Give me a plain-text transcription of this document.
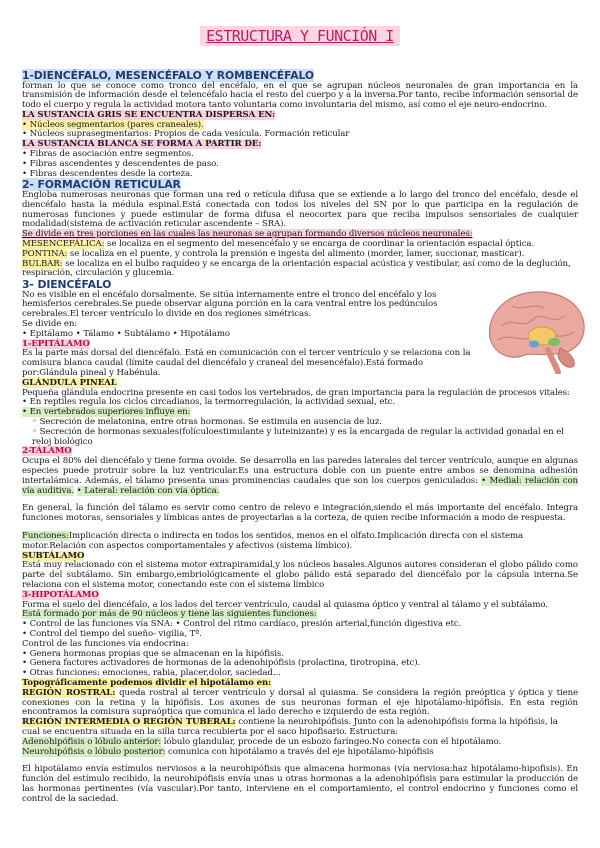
ESTRUCTURA Y FUNCIÓN I
1-DIENCÉFALO, MESENCÉFALO Y ROMBENCÉFALO

forman lo que se conoce como tronco del encéfalo, en el que se agrupan núcleos neuronales de gran importancia en la transmisión de información desde el telencéfalo hacia el resto del cuerpo y a la inversa.Por tanto, recibe información sensorial de todo el cuerpo y regula la actividad motora tanto voluntaria como involuntaria del mismo, así como el eje neuro-endocrino.

LA SUSTANCIA GRIS SE ENCUENTRA DISPERSA EN:
• Núcleos segmentarios (pares craneales).
• Núcleos suprasegmentarios: Propios de cada vesícula. Formación reticular
LA SUSTANCIA BLANCA SE FORMA A PARTIR DE:
• Fibras de asociación entre segmentos.
• Fibras ascendentes y descendentes de paso.
• Fibras descendentes desde la corteza.
2- FORMACIÓN RETICULAR

Engloba numerosas neuronas que forman una red o retícula difusa que se extiende a lo largo del tronco del encéfalo, desde el diencéfalo hasta la médula espinal.Está conectada con todos los niveles del SN por lo que participa en la regulación de numerosas funciones y puede estimular de forma difusa el neocortex para que reciba impulsos sensoriales de cualquier modalidad(sistema de activación reticular ascendente – SRA).

Se divide en tres porciones en las cuales las neuronas se agrupan formando diversos núcleos neuronales:
MESENCEFÁLICA: se localiza en el segmento del mesencéfalo y se encarga de coordinar la orientación espacial óptica.
PONTINA: se localiza en el puente, y controla la prensión e ingesta del alimento (morder, lamer, succionar, masticar).
BULBAR: se localiza en el bulbo raquídeo y se encarga de la orientación espacial acústica y vestibular, así como de la deglución, respiración, circulación y glucemia.
3- DIENCÉFALO

No es visible en el encéfalo dorsalmente. Se sitúa internamente entre el tronco del encéfalo y los hemisferios cerebrales.Se puede observar alguna porción en la cara ventral entre los pedúnculos cerebrales.El tercer ventrículo lo divide en dos regiones simétricas.

Se divide en:
• Epitálamo • Tálamo • Subtálamo • Hipotálamo
1-EPITÁLAMO

Es la parte más dorsal del diencéfalo. Está en comunicación con el tercer ventrículo y se relaciona con la comisura blanca caudal (límite caudal del diencéfalo y craneal del mesencéfalo).Está formado por:Glándula pineal y Habénula.

GLÁNDULA PINEAL

Pequeña glándula endocrina presente en casi todos los vertebrados, de gran importancia para la regulación de procesos vitales:

• En reptiles regula los ciclos circadianos, la termorregulación, la actividad sexual, etc.
• En vertebrados superiores influye en:
◦ Secreción de melatonina, entre otras hormonas. Se estimula en ausencia de luz.
◦ Secreción de hormonas sexuales(folículoestimulante y luteinizante) y es la encargada de regular la actividad gonadal en el reloj biológico
2-TÁLAMO

Ocupa el 80% del diencéfalo y tiene forma ovoide. Se desarrolla en las paredes laterales del tercer ventrículo, aunque en algunas especies puede protruir sobre la luz ventricular.Es una estructura doble con un puente entre ambos se denomina adhesión intertalámica. Además, el tálamo presenta unas prominencias caudales que son los cuerpos geniculados: • Medial: relación con vía auditiva. • Lateral: relación con vía óptica.

En general, la función del tálamo es servir como centro de relevo e integración,siendo el más importante del encéfalo. Integra funciones motoras, sensoriales y límbicas antes de proyectarlas a la corteza, de quien recibe información a modo de respuesta.

Funciones:Implicación directa o indirecta en todos los sentidos, menos en el olfato.Implicación directa con el sistema motor.Relación con aspectos comportamentales y afectivos (sistema límbico).

SUBTÁLAMO

Está muy relacionado con el sistema motor extrapiramidal,y los núcleos basales.Algunos autores consideran el globo pálido como parte del subtálamo. Sin embargo,embriológicamente el globo pálido está separado del diencéfalo por la cápsula interna.Se relaciona con el sistema motor, conectando este con el sistema límbico

3-HIPOTÁLAMO

Forma el suelo del diencéfalo, a los lados del tercer ventrículo, caudal al quiasma óptico y ventral al tálamo y el subtálamo.

Está formado por más de 90 núcleos y tiene las siguientes funciones:
• Control de las funciones vía SNA: • Control del ritmo cardíaco, presión arterial,función digestiva etc.
• Control del tiempo del sueño- vigilia, Tª.
Control de las funciones vía endocrina:
• Genera hormonas propias que se almacenan en la hipófisis.
• Genera factores activadores de hormonas de la adenohipófisis (prolactina, tirotropina, etc).
• Otras funciones: emociones, rabia, placer,dolor, saciedad...
Topográficamente podemos dividir el hipotálamo en:

REGIÓN ROSTRAL: queda rostral al tercer ventrículo y dorsal al quiasma. Se considera la región preóptica y óptica y tiene conexiones con la retina y la hipófisis. Los axones de sus neuronas forman el eje hipotálamo-hipófisis. En esta región encontramos la comisura supraóptica que comunica el lado derecho e izquierdo de esta región.

REGIÓN INTERMEDIA O REGIÓN TUBERAL: contiene la neurohipófisis. Junto con la adenohipófisis forma la hipófisis, la cual se encuentra situada en la silla turca recubierta por el saco hipofisario. Estructura:

Adenohipófisis o lóbulo anterior: lóbulo glandular, procede de un esbozo faríngeo.No conecta con el hipotálamo.
Neurohipófisis o lóbulo posterior: comunica con hipotálamo a través del eje hipotálamo-hipófisis

El hipotálamo envía estímulos nerviosos a la neurohipófisis que almacena hormonas (vía nerviosa:haz hipotálamo-hipofisis). En función del estímulo recibido, la neurohipófisis envía unas u otras hormonas a la adenohipófisis para estimular la producción de las hormonas pertinentes (vía vascular).Por tanto, interviene en el comportamiento, el control endocrino y funciones como el control de la saciedad.
